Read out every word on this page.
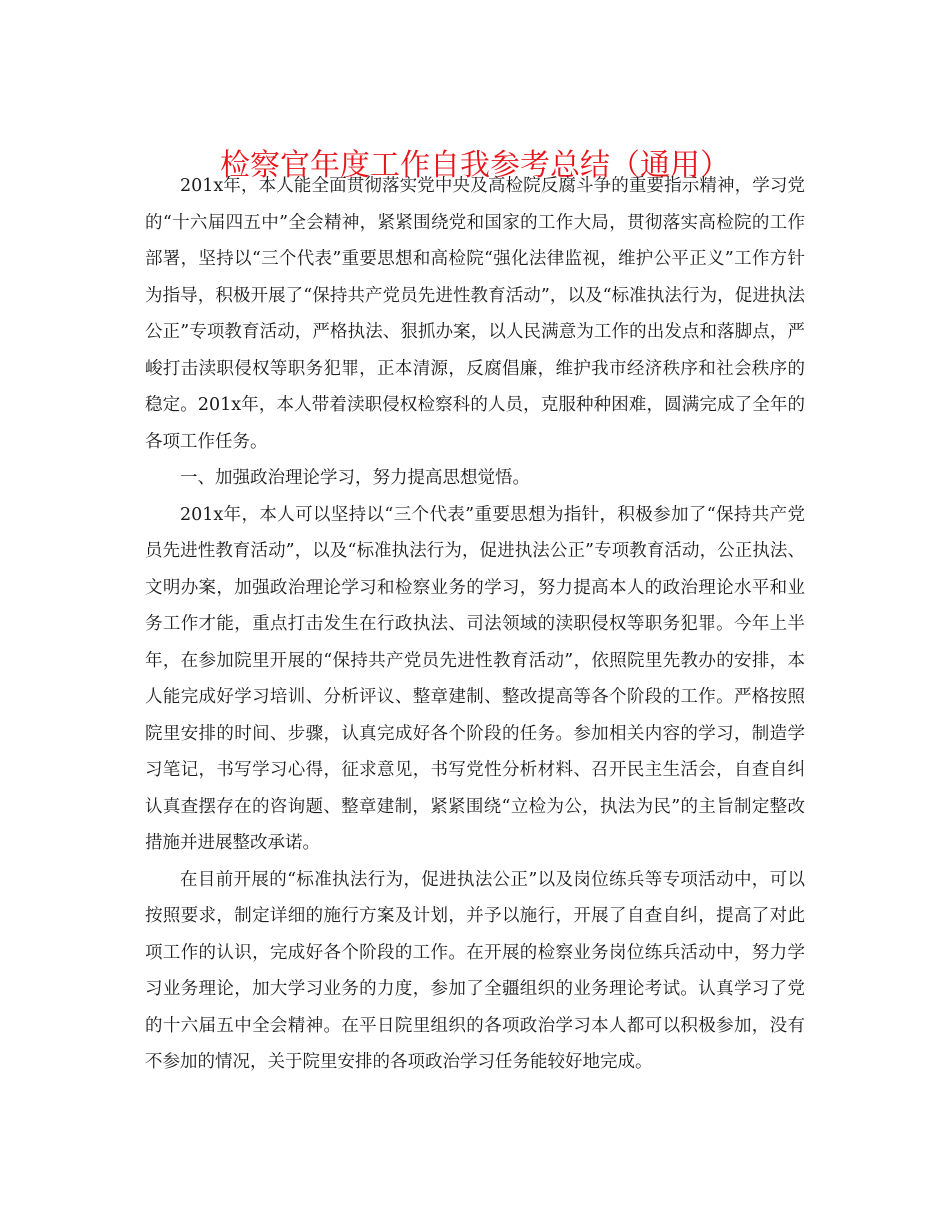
检察官年度工作自我参考总结（通用）

201x年，本人能全面贯彻落实党中央及高检院反腐斗争的重要指示精神，学习党的“十六届四五中”全会精神，紧紧围绕党和国家的工作大局，贯彻落实高检院的工作部署，坚持以“三个代表”重要思想和高检院“强化法律监视，维护公平正义”工作方针为指导，积极开展了“保持共产党员先进性教育活动”，以及“标准执法行为，促进执法公正”专项教育活动，严格执法、狠抓办案，以人民满意为工作的出发点和落脚点，严峻打击渎职侵权等职务犯罪，正本清源，反腐倡廉，维护我市经济秩序和社会秩序的稳定。201x年，本人带着渎职侵权检察科的人员，克服种种困难，圆满完成了全年的各项工作任务。

一、加强政治理论学习，努力提高思想觉悟。

201x年，本人可以坚持以“三个代表”重要思想为指针，积极参加了“保持共产党员先进性教育活动”，以及“标准执法行为，促进执法公正”专项教育活动，公正执法、文明办案，加强政治理论学习和检察业务的学习，努力提高本人的政治理论水平和业务工作才能，重点打击发生在行政执法、司法领域的渎职侵权等职务犯罪。今年上半年，在参加院里开展的“保持共产党员先进性教育活动”，依照院里先教办的安排，本人能完成好学习培训、分析评议、整章建制、整改提高等各个阶段的工作。严格按照院里安排的时间、步骤，认真完成好各个阶段的任务。参加相关内容的学习，制造学习笔记，书写学习心得，征求意见，书写党性分析材料、召开民主生活会，自查自纠认真查摆存在的咨询题、整章建制，紧紧围绕“立检为公，执法为民”的主旨制定整改措施并进展整改承诺。

在目前开展的“标准执法行为，促进执法公正”以及岗位练兵等专项活动中，可以按照要求，制定详细的施行方案及计划，并予以施行，开展了自查自纠，提高了对此项工作的认识，完成好各个阶段的工作。在开展的检察业务岗位练兵活动中，努力学习业务理论，加大学习业务的力度，参加了全疆组织的业务理论考试。认真学习了党的十六届五中全会精神。在平日院里组织的各项政治学习本人都可以积极参加，没有不参加的情况，关于院里安排的各项政治学习任务能较好地完成。
